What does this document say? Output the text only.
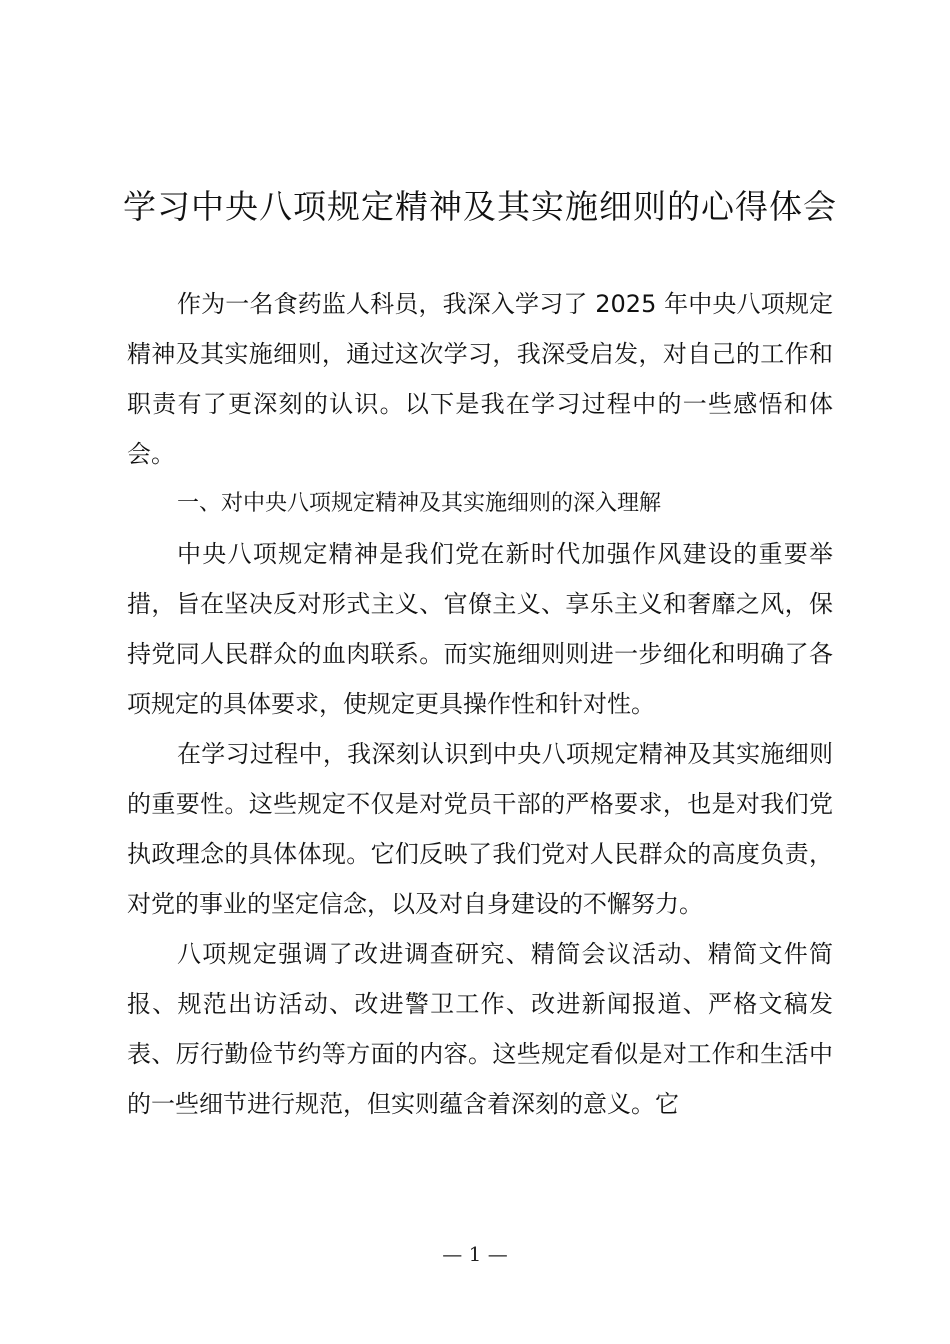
学习中央八项规定精神及其实施细则的心得体会

作为一名食药监人科员，我深入学习了 2025 年中央八项规定精神及其实施细则，通过这次学习，我深受启发，对自己的工作和职责有了更深刻的认识。以下是我在学习过程中的一些感悟和体会。

一、对中央八项规定精神及其实施细则的深入理解

中央八项规定精神是我们党在新时代加强作风建设的重要举措，旨在坚决反对形式主义、官僚主义、享乐主义和奢靡之风，保持党同人民群众的血肉联系。而实施细则则进一步细化和明确了各项规定的具体要求，使规定更具操作性和针对性。

在学习过程中，我深刻认识到中央八项规定精神及其实施细则的重要性。这些规定不仅是对党员干部的严格要求，也是对我们党执政理念的具体体现。它们反映了我们党对人民群众的高度负责，对党的事业的坚定信念，以及对自身建设的不懈努力。

八项规定强调了改进调查研究、精简会议活动、精简文件简报、规范出访活动、改进警卫工作、改进新闻报道、严格文稿发表、厉行勤俭节约等方面的内容。这些规定看似是对工作和生活中的一些细节进行规范，但实则蕴含着深刻的意义。它

— 1 —
